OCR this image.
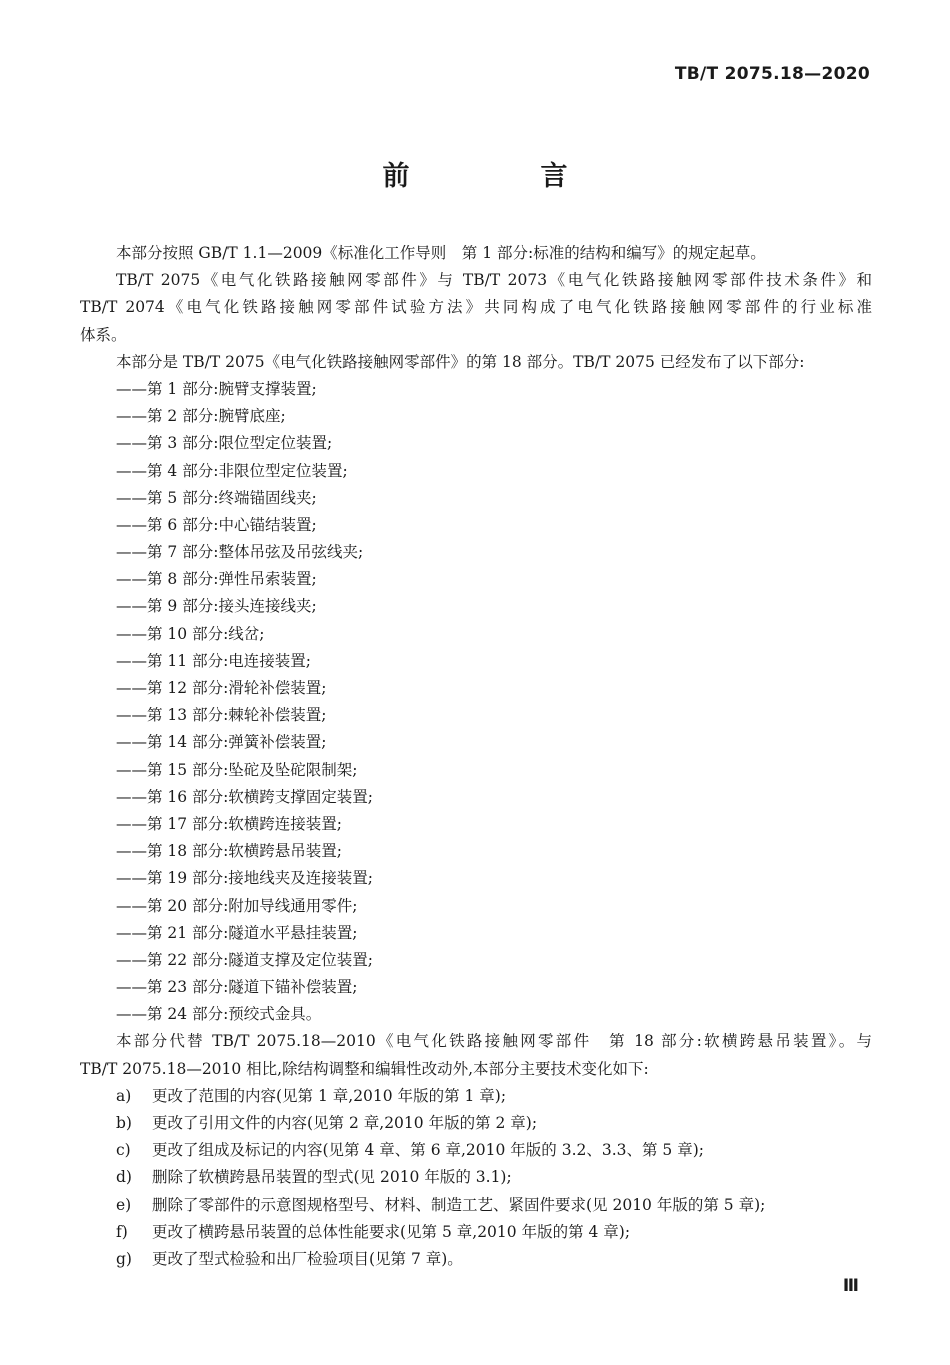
TB/T 2075.18—2020
前　言
本部分按照 GB/T 1.1—2009《标准化工作导则　第 1 部分:标准的结构和编写》的规定起草。
TB/T 2075《电气化铁路接触网零部件》与 TB/T 2073《电气化铁路接触网零部件技术条件》和
TB/T 2074《电气化铁路接触网零部件试验方法》共同构成了电气化铁路接触网零部件的行业标准
体系。
本部分是 TB/T 2075《电气化铁路接触网零部件》的第 18 部分。TB/T 2075 已经发布了以下部分:
——第 1 部分:腕臂支撑装置;
——第 2 部分:腕臂底座;
——第 3 部分:限位型定位装置;
——第 4 部分:非限位型定位装置;
——第 5 部分:终端锚固线夹;
——第 6 部分:中心锚结装置;
——第 7 部分:整体吊弦及吊弦线夹;
——第 8 部分:弹性吊索装置;
——第 9 部分:接头连接线夹;
——第 10 部分:线岔;
——第 11 部分:电连接装置;
——第 12 部分:滑轮补偿装置;
——第 13 部分:棘轮补偿装置;
——第 14 部分:弹簧补偿装置;
——第 15 部分:坠砣及坠砣限制架;
——第 16 部分:软横跨支撑固定装置;
——第 17 部分:软横跨连接装置;
——第 18 部分:软横跨悬吊装置;
——第 19 部分:接地线夹及连接装置;
——第 20 部分:附加导线通用零件;
——第 21 部分:隧道水平悬挂装置;
——第 22 部分:隧道支撑及定位装置;
——第 23 部分:隧道下锚补偿装置;
——第 24 部分:预绞式金具。
本部分代替 TB/T 2075.18—2010《电气化铁路接触网零部件　第 18 部分:软横跨悬吊装置》。与
TB/T 2075.18—2010 相比,除结构调整和编辑性改动外,本部分主要技术变化如下:
a) 更改了范围的内容(见第 1 章,2010 年版的第 1 章);
b) 更改了引用文件的内容(见第 2 章,2010 年版的第 2 章);
c) 更改了组成及标记的内容(见第 4 章、第 6 章,2010 年版的 3.2、3.3、第 5 章);
d) 删除了软横跨悬吊装置的型式(见 2010 年版的 3.1);
e) 删除了零部件的示意图规格型号、材料、制造工艺、紧固件要求(见 2010 年版的第 5 章);
f) 更改了横跨悬吊装置的总体性能要求(见第 5 章,2010 年版的第 4 章);
g) 更改了型式检验和出厂检验项目(见第 7 章)。
Ⅲ
